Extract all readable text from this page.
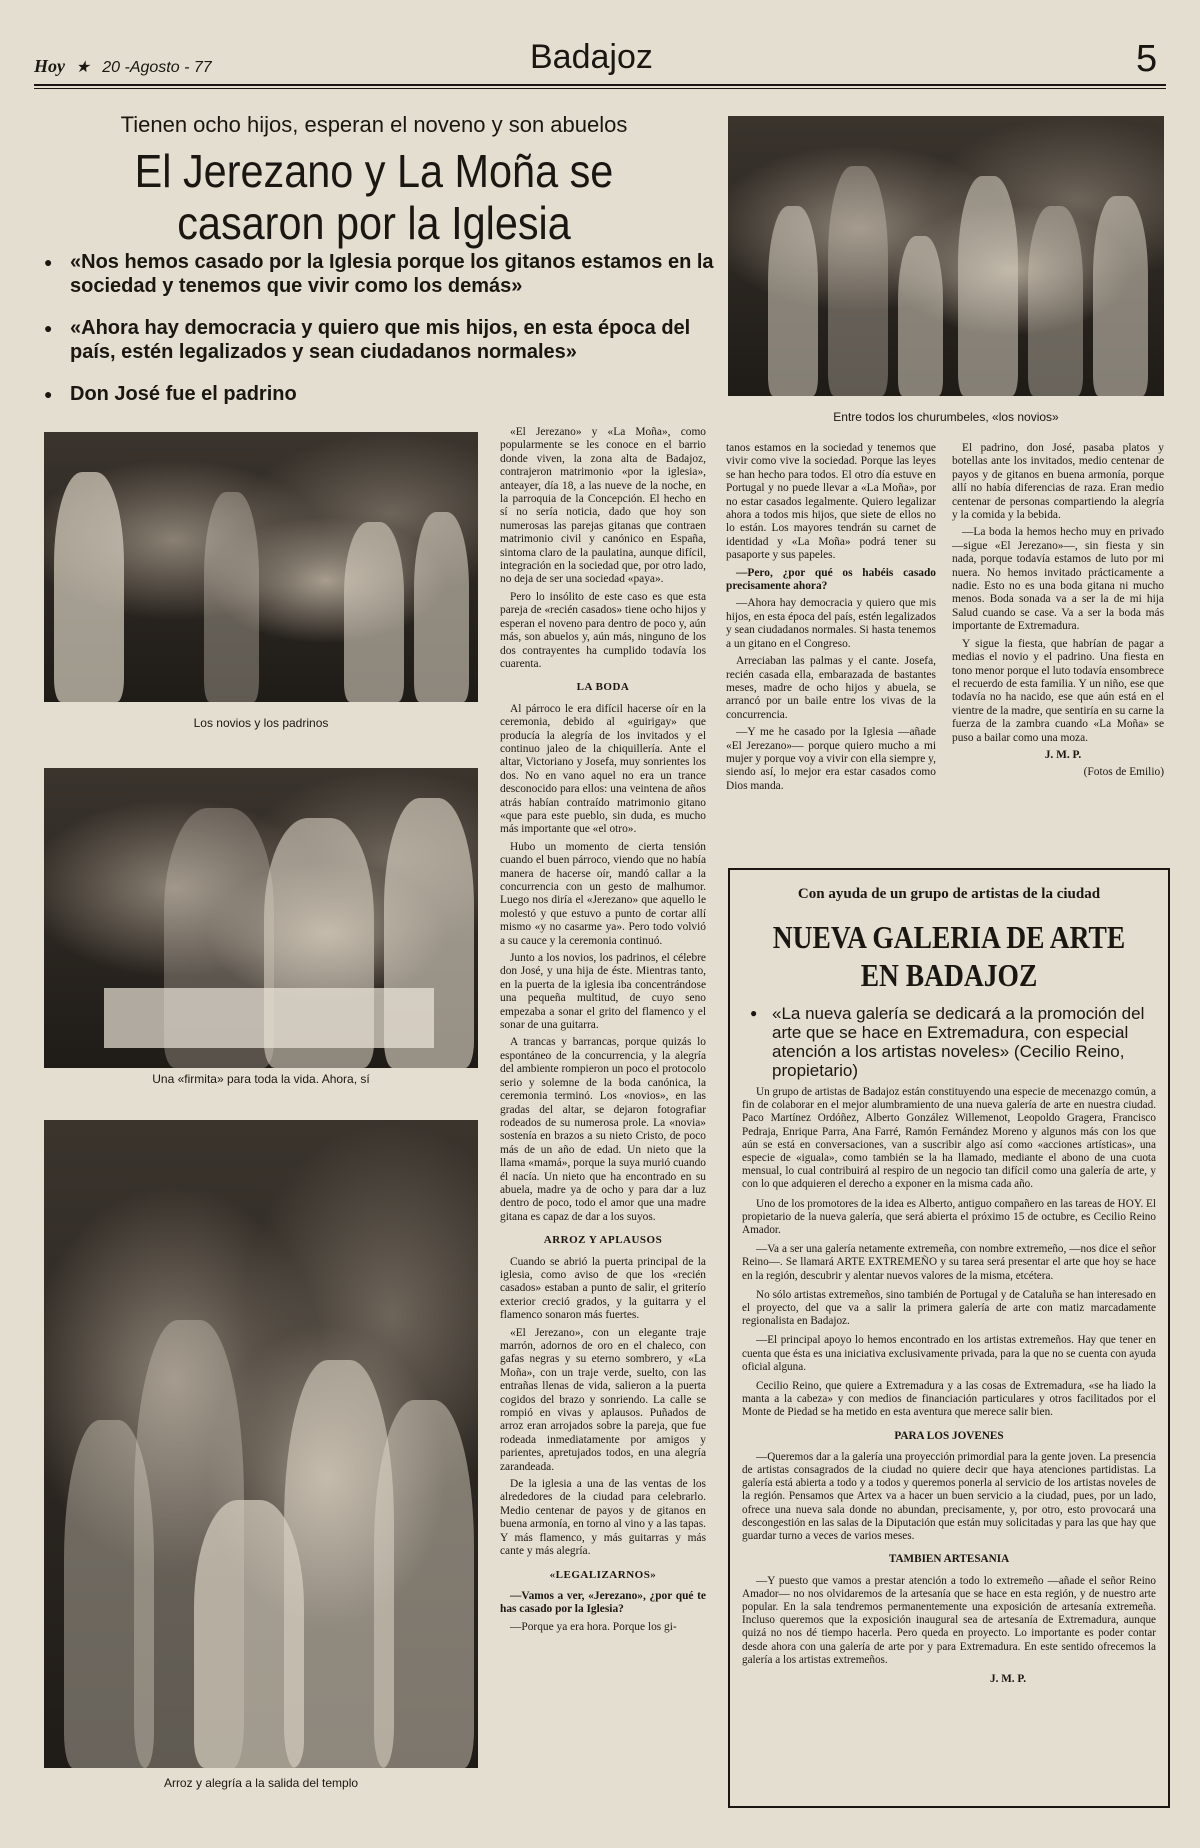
Hoy ★ 20 -Agosto - 77	Badajoz	5
Tienen ocho hijos, esperan el noveno y son abuelos
El Jerezano y La Moña se casaron por la Iglesia
● «Nos hemos casado por la Iglesia porque los gitanos estamos en la sociedad y tenemos que vivir como los demás»
● «Ahora hay democracia y quiero que mis hijos, en esta época del país, estén legalizados y sean ciudadanos normales»
● Don José fue el padrino
Entre todos los churumbeles, «los novios»
Los novios y los padrinos
Una «firmita» para toda la vida. Ahora, sí
Arroz y alegría a la salida del templo

«El Jerezano» y «La Moña», como popularmente se les conoce en el barrio donde viven, la zona alta de Badajoz, contrajeron matrimonio «por la iglesia», anteayer, día 18, a las nueve de la noche, en la parroquia de la Concepción. El hecho en sí no sería noticia, dado que hoy son numerosas las parejas gitanas que contraen matrimonio civil y canónico en España, sintoma claro de la paulatina, aunque difícil, integración en la sociedad que, por otro lado, no deja de ser una sociedad «paya».

Pero lo insólito de este caso es que esta pareja de «recién casados» tiene ocho hijos y esperan el noveno para dentro de poco y, aún más, son abuelos y, aún más, ninguno de los dos contrayentes ha cumplido todavía los cuarenta.

LA BODA

Al párroco le era difícil hacerse oír en la ceremonia, debido al «guirigay» que producía la alegría de los invitados y el continuo jaleo de la chiquillería. Ante el altar, Victoriano y Josefa, muy sonrientes los dos. No en vano aquel no era un trance desconocido para ellos: una veintena de años atrás habían contraído matrimonio gitano «que para este pueblo, sin duda, es mucho más importante que «el otro».

Hubo un momento de cierta tensión cuando el buen párroco, viendo que no había manera de hacerse oír, mandó callar a la concurrencia con un gesto de malhumor. Luego nos diría el «Jerezano» que aquello le molestó y que estuvo a punto de cortar allí mismo «y no casarme ya». Pero todo volvió a su cauce y la ceremonia continuó.

Junto a los novios, los padrinos, el célebre don José, y una hija de éste. Mientras tanto, en la puerta de la iglesia iba concentrándose una pequeña multitud, de cuyo seno empezaba a sonar el grito del flamenco y el sonar de una guitarra.

A trancas y barrancas, porque quizás lo espontáneo de la concurrencia, y la alegría del ambiente rompieron un poco el protocolo serio y solemne de la boda canónica, la ceremonia terminó. Los «novios», en las gradas del altar, se dejaron fotografiar rodeados de su numerosa prole. La «novia» sostenía en brazos a su nieto Cristo, de poco más de un año de edad. Un nieto que la llama «mamá», porque la suya murió cuando él nacía. Un nieto que ha encontrado en su abuela, madre ya de ocho y para dar a luz dentro de poco, todo el amor que una madre gitana es capaz de dar a los suyos.

ARROZ Y APLAUSOS

Cuando se abrió la puerta principal de la iglesia, como aviso de que los «recién casados» estaban a punto de salir, el griterío exterior creció grados, y la guitarra y el flamenco sonaron más fuertes.

«El Jerezano», con un elegante traje marrón, adornos de oro en el chaleco, con gafas negras y su eterno sombrero, y «La Moña», con un traje verde, suelto, con las entrañas llenas de vida, salieron a la puerta cogidos del brazo y sonriendo. La calle se rompió en vivas y aplausos. Puñados de arroz eran arrojados sobre la pareja, que fue rodeada inmediatamente por amigos y parientes, apretujados todos, en una alegría zarandeada.

De la iglesia a una de las ventas de los alrededores de la ciudad para celebrarlo. Medio centenar de payos y de gitanos en buena armonía, en torno al vino y a las tapas. Y más flamenco, y más guitarras y más cante y más alegría.

«LEGALIZARNOS»

—Vamos a ver, «Jerezano», ¿por qué te has casado por la Iglesia?

—Porque ya era hora. Porque los gi-

tanos estamos en la sociedad y tenemos que vivir como vive la sociedad. Porque las leyes se han hecho para todos. El otro día estuve en Portugal y no puede llevar a «La Moña», por no estar casados legalmente. Quiero legalizar ahora a todos mis hijos, que siete de ellos no lo están. Los mayores tendrán su carnet de identidad y «La Moña» podrá tener su pasaporte y sus papeles.

—Pero, ¿por qué os habéis casado precisamente ahora?

—Ahora hay democracia y quiero que mis hijos, en esta época del país, estén legalizados y sean ciudadanos normales. Si hasta tenemos a un gitano en el Congreso.

Arreciaban las palmas y el cante. Josefa, recién casada ella, embarazada de bastantes meses, madre de ocho hijos y abuela, se arrancó por un baile entre los vivas de la concurrencia.

—Y me he casado por la Iglesia —añade «El Jerezano»— porque quiero mucho a mi mujer y porque voy a vivir con ella siempre y, siendo así, lo mejor era estar casados como Dios manda.

El padrino, don José, pasaba platos y botellas ante los invitados, medio centenar de payos y de gitanos en buena armonía, porque allí no había diferencias de raza. Eran medio centenar de personas compartiendo la alegría y la comida y la bebida.

—La boda la hemos hecho muy en privado —sigue «El Jerezano»—, sin fiesta y sin nada, porque todavía estamos de luto por mi nuera. No hemos invitado prácticamente a nadie. Esto no es una boda gitana ni mucho menos. Boda sonada va a ser la de mi hija Salud cuando se case. Va a ser la boda más importante de Extremadura.

Y sigue la fiesta, que habrían de pagar a medias el novio y el padrino. Una fiesta en tono menor porque el luto todavía ensombrece el recuerdo de esta familia. Y un niño, ese que todavía no ha nacido, ese que aún está en el vientre de la madre, que sentiría en su carne la fuerza de la zambra cuando «La Moña» se puso a bailar como una moza.

J. M. P.

(Fotos de Emilio)

Con ayuda de un grupo de artistas de la ciudad
NUEVA GALERIA DE ARTE EN BADAJOZ
● «La nueva galería se dedicará a la promoción del arte que se hace en Extremadura, con especial atención a los artistas noveles» (Cecilio Reino, propietario)

Un grupo de artistas de Badajoz están constituyendo una especie de mecenazgo común, a fin de colaborar en el mejor alumbramiento de una nueva galería de arte en nuestra ciudad. Paco Martínez Ordóñez, Alberto González Willemenot, Leopoldo Gragera, Francisco Pedraja, Enrique Parra, Ana Farré, Ramón Fernández Moreno y algunos más con los que aún se está en conversaciones, van a suscribir algo así como «acciones artísticas», una especie de «iguala», como también se la ha llamado, mediante el abono de una cuota mensual, lo cual contribuirá al respiro de un negocio tan difícil como una galería de arte, y con lo que adquieren el derecho a exponer en la misma cada año.

Uno de los promotores de la idea es Alberto, antiguo compañero en las tareas de HOY. El propietario de la nueva galería, que será abierta el próximo 15 de octubre, es Cecilio Reino Amador.

—Va a ser una galería netamente extremeña, con nombre extremeño, —nos dice el señor Reino—. Se llamará ARTE EXTREMEÑO y su tarea será presentar el arte que hoy se hace en la región, descubrir y alentar nuevos valores de la misma, etcétera.

No sólo artistas extremeños, sino también de Portugal y de Cataluña se han interesado en el proyecto, del que va a salir la primera galería de arte con matiz marcadamente regionalista en Badajoz.

—El principal apoyo lo hemos encontrado en los artistas extremeños. Hay que tener en cuenta que ésta es una iniciativa exclusivamente privada, para la que no se cuenta con ayuda oficial alguna.

Cecilio Reino, que quiere a Extremadura y a las cosas de Extremadura, «se ha liado la manta a la cabeza» y con medios de financiación particulares y otros facilitados por el Monte de Piedad se ha metido en esta aventura que merece salir bien.

PARA LOS JOVENES

—Queremos dar a la galería una proyección primordial para la gente joven. La presencia de artistas consagrados de la ciudad no quiere decir que haya atenciones partidistas. La galería está abierta a todo y a todos y queremos ponerla al servicio de los artistas noveles de la región. Pensamos que Artex va a hacer un buen servicio a la ciudad, pues, por un lado, ofrece una nueva sala donde no abundan, precisamente, y, por otro, esto provocará una descongestión en las salas de la Diputación que están muy solicitadas y para las que hay que guardar turno a veces de varios meses.

TAMBIEN ARTESANIA

—Y puesto que vamos a prestar atención a todo lo extremeño —añade el señor Reino Amador— no nos olvidaremos de la artesanía que se hace en esta región, y de nuestro arte popular. En la sala tendremos permanentemente una exposición de artesanía extremeña. Incluso queremos que la exposición inaugural sea de artesanía de Extremadura, aunque quizá no nos dé tiempo hacerla. Pero queda en proyecto. Lo importante es poder contar desde ahora con una galería de arte por y para Extremadura. En este sentido ofrecemos la galería a los artistas extremeños.

J. M. P.
